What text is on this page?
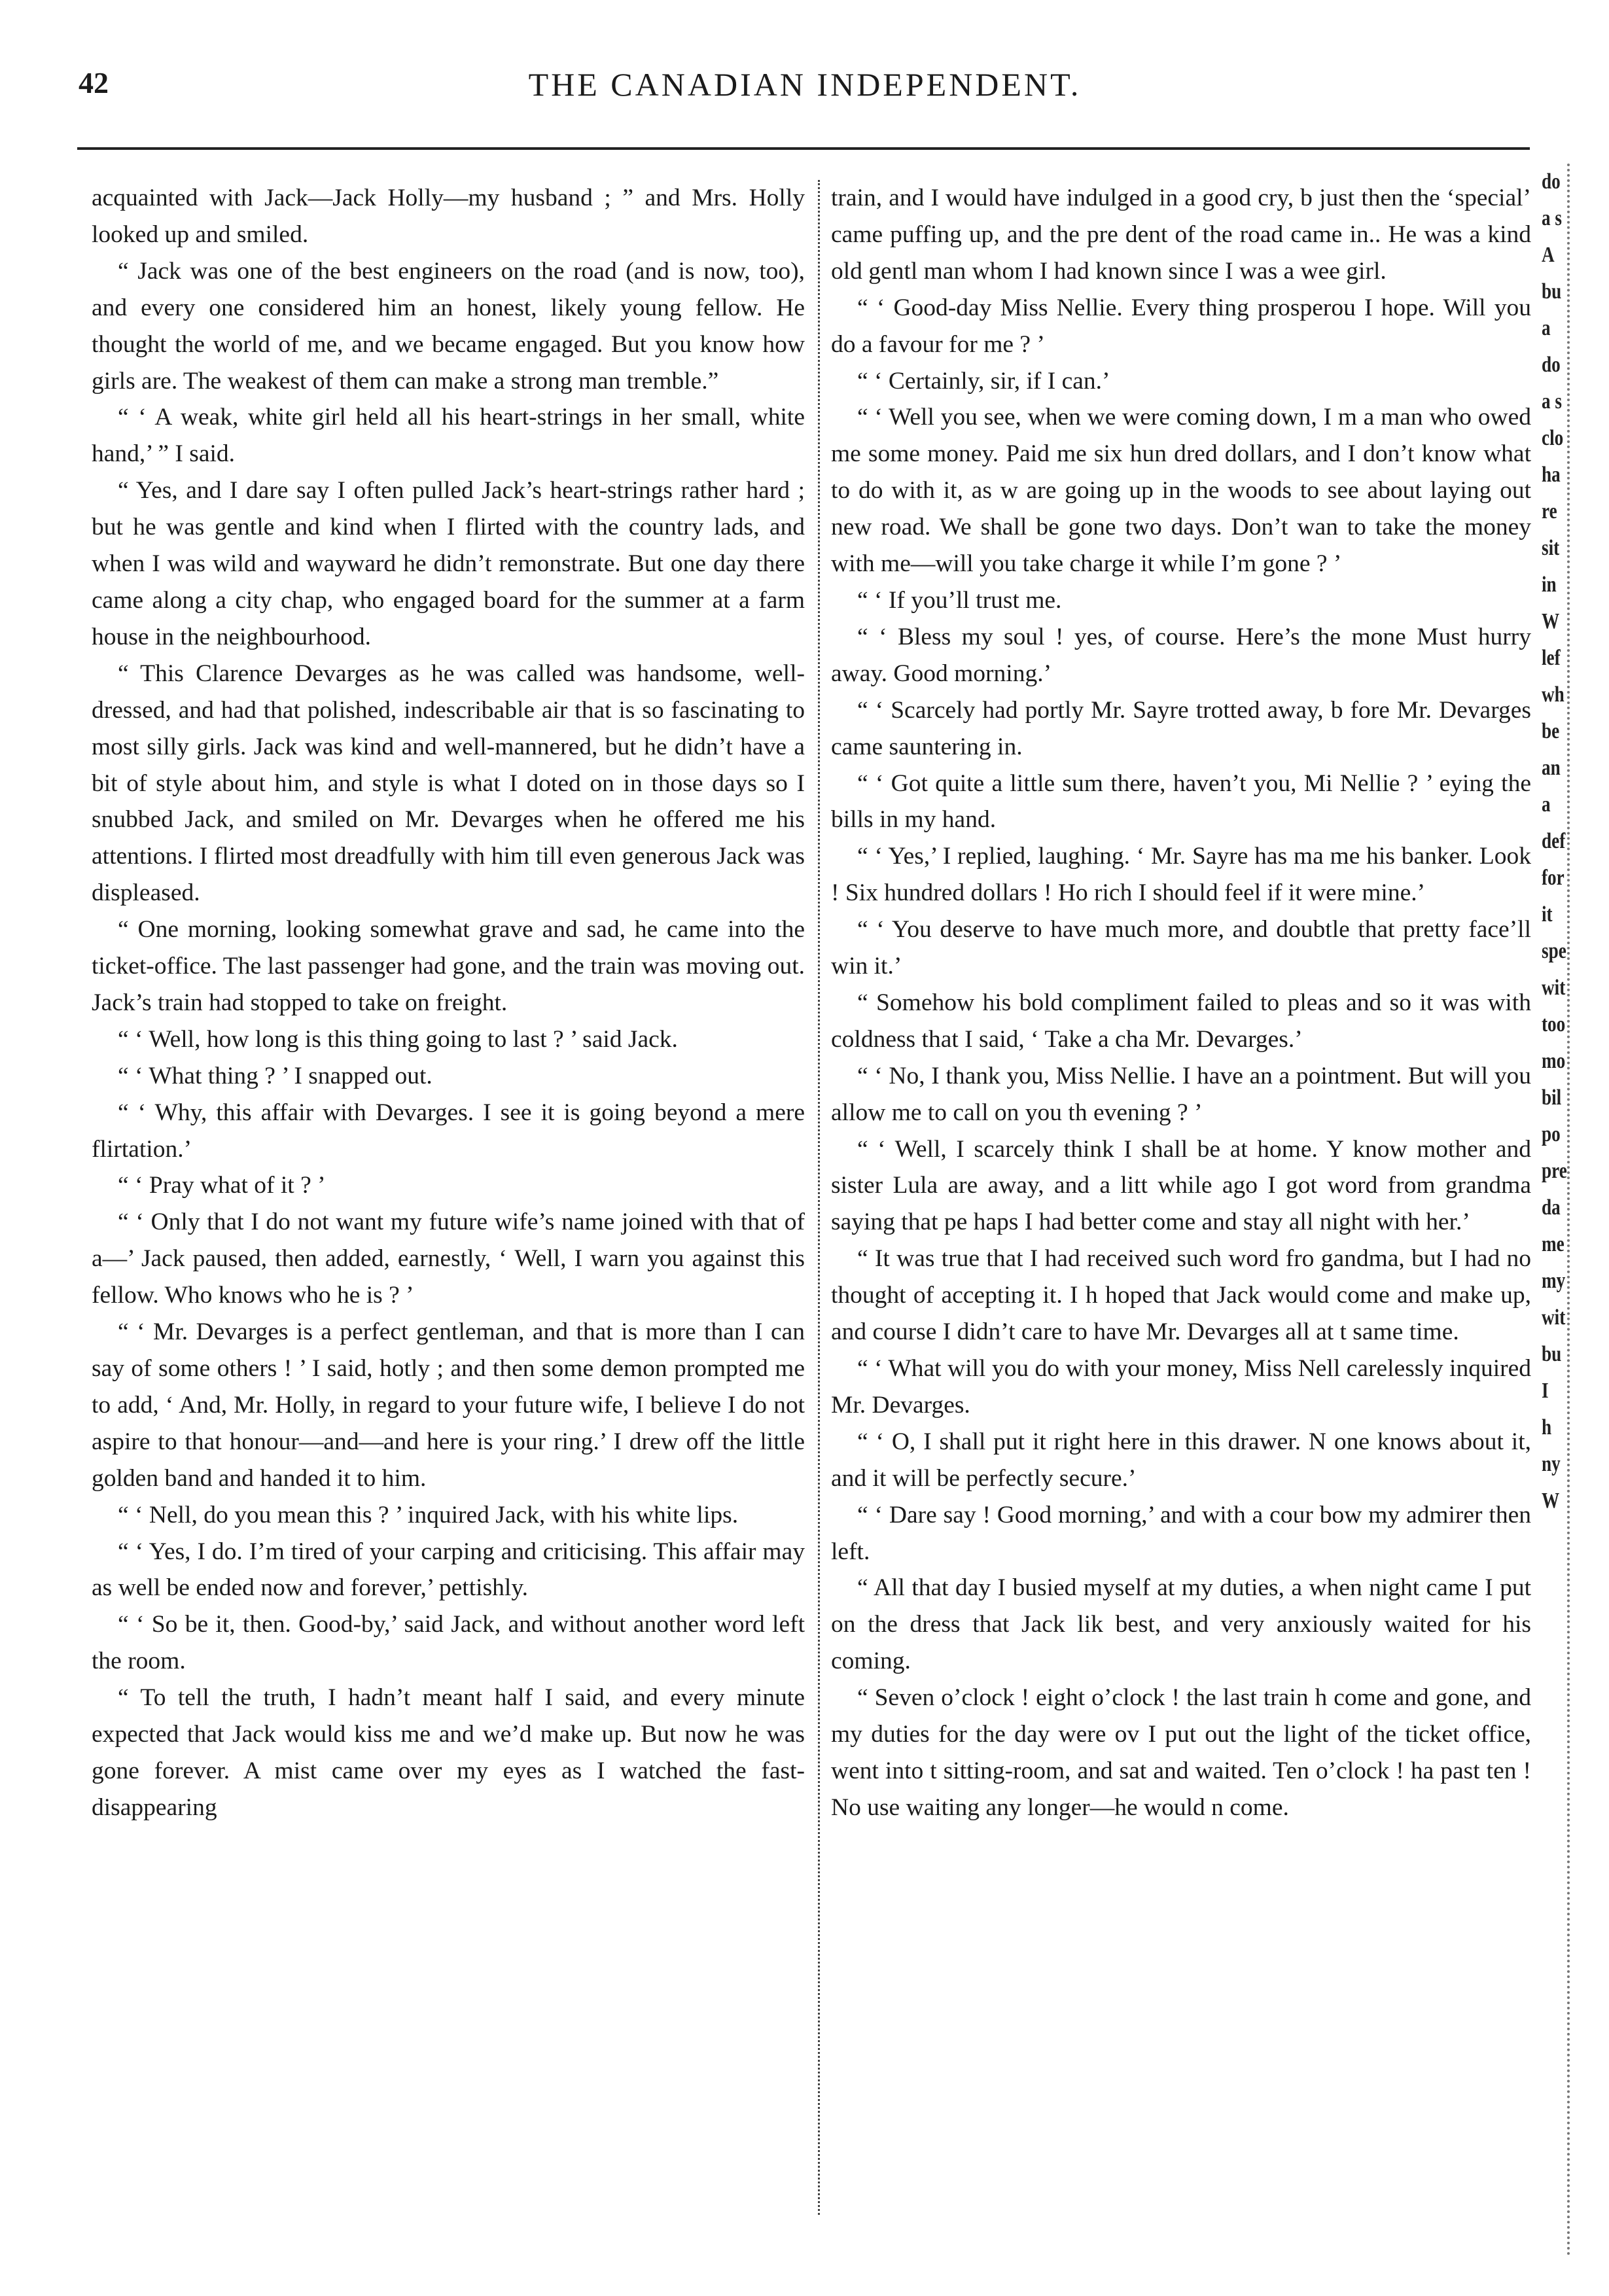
42	THE CANADIAN INDEPENDENT.

acquainted with Jack—Jack Holly—my husband ; ” and Mrs. Holly looked up and smiled.

“ Jack was one of the best engineers on the road (and is now, too), and every one considered him an honest, likely young fellow. He thought the world of me, and we became engaged. But you know how girls are. The weakest of them can make a strong man tremble.”

“ ‘ A weak, white girl held all his heart-strings in her small, white hand,’ ” I said.

“ Yes, and I dare say I often pulled Jack’s heart-strings rather hard ; but he was gentle and kind when I flirted with the country lads, and when I was wild and wayward he didn’t remonstrate. But one day there came along a city chap, who engaged board for the summer at a farm house in the neighbourhood.

“ This Clarence Devarges as he was called was handsome, well-dressed, and had that polished, indescribable air that is so fascinating to most silly girls. Jack was kind and well-mannered, but he didn’t have a bit of style about him, and style is what I doted on in those days so I snubbed Jack, and smiled on Mr. Devarges when he offered me his attentions. I flirted most dreadfully with him till even generous Jack was displeased.

“ One morning, looking somewhat grave and sad, he came into the ticket-office. The last passenger had gone, and the train was moving out. Jack’s train had stopped to take on freight.

“ ‘ Well, how long is this thing going to last ? ’ said Jack.

“ ‘ What thing ? ’ I snapped out.

“ ‘ Why, this affair with Devarges. I see it is going beyond a mere flirtation.’

“ ‘ Pray what of it ? ’

“ ‘ Only that I do not want my future wife’s name joined with that of a—’ Jack paused, then added, earnestly, ‘ Well, I warn you against this fellow. Who knows who he is ? ’

“ ‘ Mr. Devarges is a perfect gentleman, and that is more than I can say of some others ! ’ I said, hotly ; and then some demon prompted me to add, ‘ And, Mr. Holly, in regard to your future wife, I believe I do not aspire to that honour—and—and here is your ring.’ I drew off the little golden band and handed it to him.

“ ‘ Nell, do you mean this ? ’ inquired Jack, with his white lips.

“ ‘ Yes, I do. I’m tired of your carping and criticising. This affair may as well be ended now and forever,’ pettishly.

“ ‘ So be it, then. Good-by,’ said Jack, and without another word left the room.

“ To tell the truth, I hadn’t meant half I said, and every minute expected that Jack would kiss me and we’d make up. But now he was gone forever. A mist came over my eyes as I watched the fast-disappearing

train, and I would have indulged in a good cry, b just then the ‘special’ came puffing up, and the pre dent of the road came in.. He was a kind old gentl man whom I had known since I was a wee girl.

“ ‘ Good-day Miss Nellie. Every thing prosperou I hope. Will you do a favour for me ? ’

“ ‘ Certainly, sir, if I can.’

“ ‘ Well you see, when we were coming down, I m a man who owed me some money. Paid me six hun dred dollars, and I don’t know what to do with it, as w are going up in the woods to see about laying out new road. We shall be gone two days. Don’t wan to take the money with me—will you take charge it while I’m gone ? ’

“ ‘ If you’ll trust me.

“ ‘ Bless my soul ! yes, of course. Here’s the mone Must hurry away. Good morning.’

“ ‘ Scarcely had portly Mr. Sayre trotted away, b fore Mr. Devarges came sauntering in.

“ ‘ Got quite a little sum there, haven’t you, Mi Nellie ? ’ eying the bills in my hand.

“ ‘ Yes,’ I replied, laughing. ‘ Mr. Sayre has ma me his banker. Look ! Six hundred dollars ! Ho rich I should feel if it were mine.’

“ ‘ You deserve to have much more, and doubtle that pretty face’ll win it.’

“ Somehow his bold compliment failed to pleas and so it was with coldness that I said, ‘ Take a cha Mr. Devarges.’

“ ‘ No, I thank you, Miss Nellie. I have an a pointment. But will you allow me to call on you th evening ? ’

“ ‘ Well, I scarcely think I shall be at home. Y know mother and sister Lula are away, and a litt while ago I got word from grandma saying that pe haps I had better come and stay all night with her.’

“ It was true that I had received such word fro gandma, but I had no thought of accepting it. I h hoped that Jack would come and make up, and course I didn’t care to have Mr. Devarges all at t same time.

“ ‘ What will you do with your money, Miss Nell carelessly inquired Mr. Devarges.

“ ‘ O, I shall put it right here in this drawer. N one knows about it, and it will be perfectly secure.’

“ ‘ Dare say ! Good morning,’ and with a cour bow my admirer then left.

“ All that day I busied myself at my duties, a when night came I put on the dress that Jack lik best, and very anxiously waited for his coming.

“ Seven o’clock ! eight o’clock ! the last train h come and gone, and my duties for the day were ov I put out the light of the ticket office, went into t sitting-room, and sat and waited. Ten o’clock ! ha past ten ! No use waiting any longer—he would n come.

do
a s
A
bu
a
do
a s
clo
ha
re
sit
in
W
lef
wh
be
an
a
def
for
it
spe
wit
too
mo
bil
po
pre
da
me
my
wit
bu
I
h
ny
W
